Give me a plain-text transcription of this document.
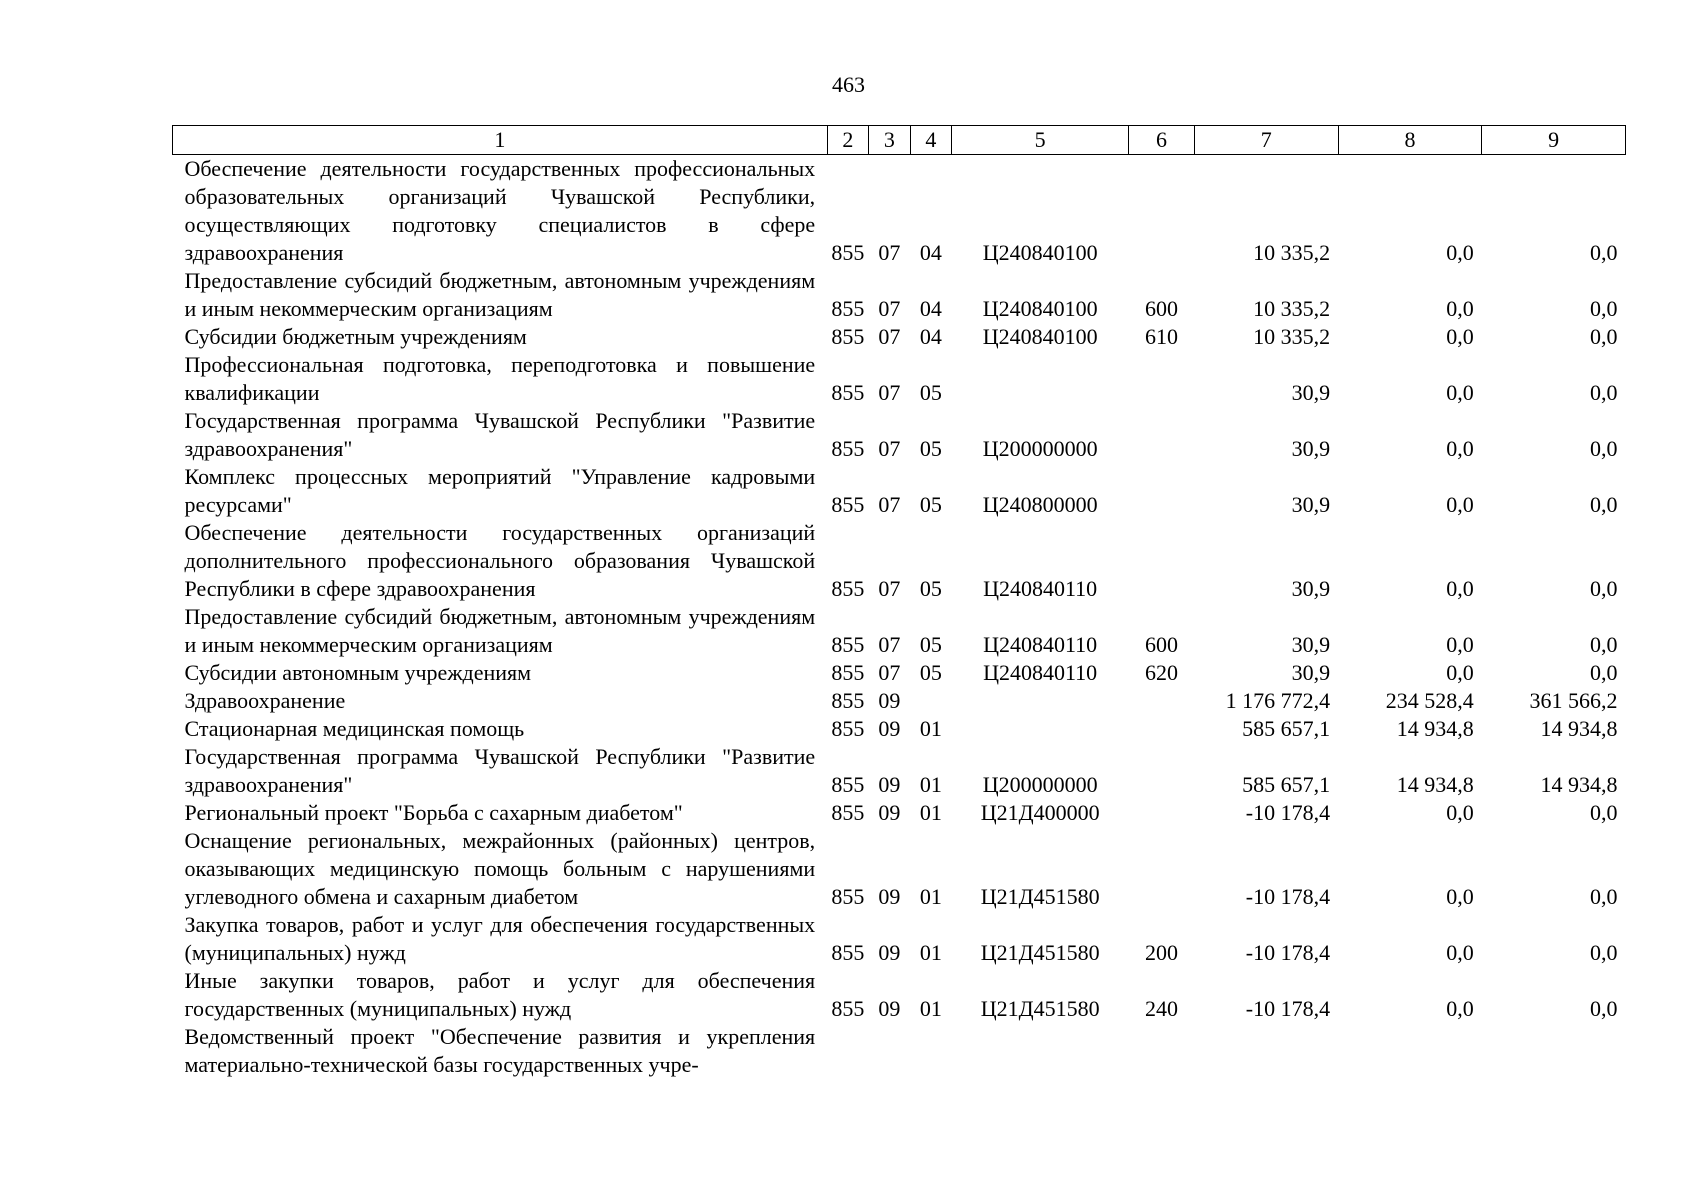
463
1	2	3	4	5	6	7	8	9
Обеспечение деятельности государственных профессиональных образовательных организаций Чувашской Республики, осуществляющих подготовку специалистов в сфере здравоохранения	855	07	04	Ц240840100		10 335,2	0,0	0,0
Предоставление субсидий бюджетным, автономным учреждениям и иным некоммерческим организациям	855	07	04	Ц240840100	600	10 335,2	0,0	0,0
Субсидии бюджетным учреждениям	855	07	04	Ц240840100	610	10 335,2	0,0	0,0
Профессиональная подготовка, переподготовка и повышение квалификации	855	07	05			30,9	0,0	0,0
Государственная программа Чувашской Республики "Развитие здравоохранения"	855	07	05	Ц200000000		30,9	0,0	0,0
Комплекс процессных мероприятий "Управление кадровыми ресурсами"	855	07	05	Ц240800000		30,9	0,0	0,0
Обеспечение деятельности государственных организаций дополнительного профессионального образования Чувашской Республики в сфере здравоохранения	855	07	05	Ц240840110		30,9	0,0	0,0
Предоставление субсидий бюджетным, автономным учреждениям и иным некоммерческим организациям	855	07	05	Ц240840110	600	30,9	0,0	0,0
Субсидии автономным учреждениям	855	07	05	Ц240840110	620	30,9	0,0	0,0
Здравоохранение	855	09				1 176 772,4	234 528,4	361 566,2
Стационарная медицинская помощь	855	09	01			585 657,1	14 934,8	14 934,8
Государственная программа Чувашской Республики "Развитие здравоохранения"	855	09	01	Ц200000000		585 657,1	14 934,8	14 934,8
Региональный проект "Борьба с сахарным диабетом"	855	09	01	Ц21Д400000		-10 178,4	0,0	0,0
Оснащение региональных, межрайонных (районных) центров, оказывающих медицинскую помощь больным с нарушениями углеводного обмена и сахарным диабетом	855	09	01	Ц21Д451580		-10 178,4	0,0	0,0
Закупка товаров, работ и услуг для обеспечения государственных (муниципальных) нужд	855	09	01	Ц21Д451580	200	-10 178,4	0,0	0,0
Иные закупки товаров, работ и услуг для обеспечения государственных (муниципальных) нужд	855	09	01	Ц21Д451580	240	-10 178,4	0,0	0,0
Ведомственный проект "Обеспечение развития и укрепления материально-технической базы государственных учре-								
